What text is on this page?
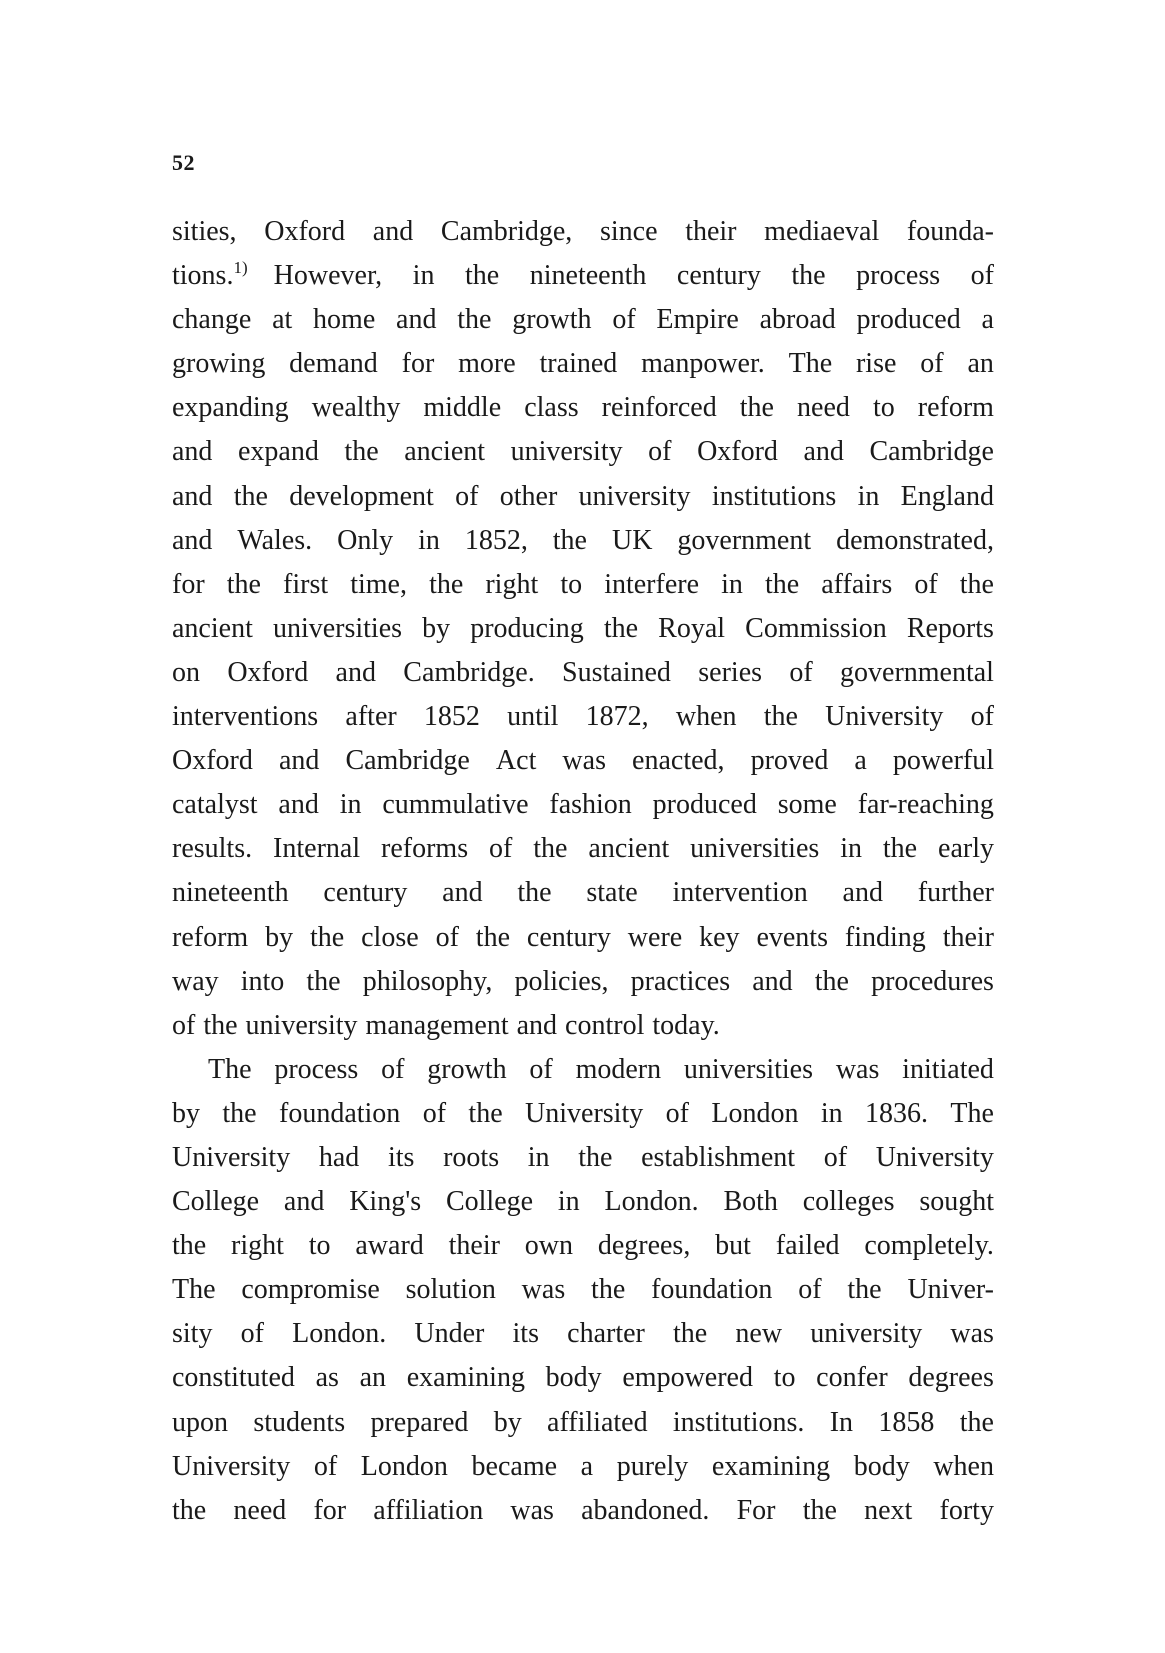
52
sities, Oxford and Cambridge, since their mediaeval founda-
tions.$^{1)}$ However, in the nineteenth century the process of
change at home and the growth of Empire abroad produced a
growing demand for more trained manpower. The rise of an
expanding wealthy middle class reinforced the need to reform
and expand the ancient university of Oxford and Cambridge
and the development of other university institutions in England
and Wales. Only in 1852, the UK government demonstrated,
for the first time, the right to interfere in the affairs of the
ancient universities by producing the Royal Commission Reports
on Oxford and Cambridge. Sustained series of governmental
interventions after 1852 until 1872, when the University of
Oxford and Cambridge Act was enacted, proved a powerful
catalyst and in cummulative fashion produced some far-reaching
results. Internal reforms of the ancient universities in the early
nineteenth century and the state intervention and further
reform by the close of the century were key events finding their
way into the philosophy, policies, practices and the procedures
of the university management and control today.
The process of growth of modern universities was initiated
by the foundation of the University of London in 1836. The
University had its roots in the establishment of University
College and King's College in London. Both colleges sought
the right to award their own degrees, but failed completely.
The compromise solution was the foundation of the Univer-
sity of London. Under its charter the new university was
constituted as an examining body empowered to confer degrees
upon students prepared by affiliated institutions. In 1858 the
University of London became a purely examining body when
the need for affiliation was abandoned. For the next forty
